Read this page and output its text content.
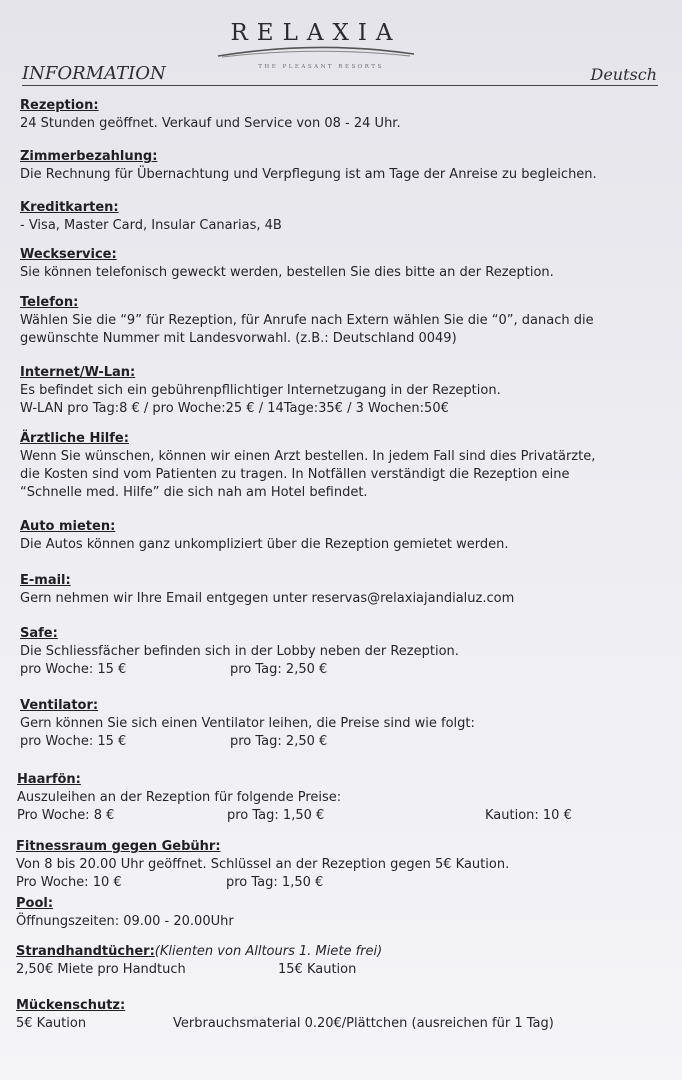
RELAXIA
THE PLEASANT RESORTS
INFORMATION	Deutsch
Rezeption:
24 Stunden geöffnet. Verkauf und Service von 08 - 24 Uhr.
Zimmerbezahlung:
Die Rechnung für Übernachtung und Verpflegung ist am Tage der Anreise zu begleichen.
Kreditkarten:
- Visa, Master Card, Insular Canarias, 4B
Weckservice:
Sie können telefonisch geweckt werden, bestellen Sie dies bitte an der Rezeption.
Telefon:
Wählen Sie die “9” für Rezeption, für Anrufe nach Extern wählen Sie die “0”, danach die
gewünschte Nummer mit Landesvorwahl. (z.B.: Deutschland 0049)
Internet/W-Lan:
Es befindet sich ein gebührenpfllichtiger Internetzugang in der Rezeption.
W-LAN pro Tag:8 € / pro Woche:25 € / 14Tage:35€ / 3 Wochen:50€
Ärztliche Hilfe:
Wenn Sie wünschen, können wir einen Arzt bestellen. In jedem Fall sind dies Privatärzte,
die Kosten sind vom Patienten zu tragen. In Notfällen verständigt die Rezeption eine
“Schnelle med. Hilfe” die sich nah am Hotel befindet.
Auto mieten:
Die Autos können ganz unkompliziert über die Rezeption gemietet werden.
E-mail:
Gern nehmen wir Ihre Email entgegen unter reservas@relaxiajandialuz.com
Safe:
Die Schliessfächer befinden sich in der Lobby neben der Rezeption.
pro Woche: 15 €	pro Tag: 2,50 €
Ventilator:
Gern können Sie sich einen Ventilator leihen, die Preise sind wie folgt:
pro Woche: 15 €	pro Tag: 2,50 €
Haarfön:
Auszuleihen an der Rezeption für folgende Preise:
Pro Woche: 8 €	pro Tag: 1,50 €	Kaution: 10 €
Fitnessraum gegen Gebühr:
Von 8 bis 20.00 Uhr geöffnet. Schlüssel an der Rezeption gegen 5€ Kaution.
Pro Woche: 10 €	pro Tag: 1,50 €
Pool:
Öffnungszeiten: 09.00 - 20.00Uhr
Strandhandtücher:(Klienten von Alltours 1. Miete frei)
2,50€ Miete pro Handtuch	15€ Kaution
Mückenschutz:
5€ Kaution	Verbrauchsmaterial 0.20€/Plättchen (ausreichen für 1 Tag)
